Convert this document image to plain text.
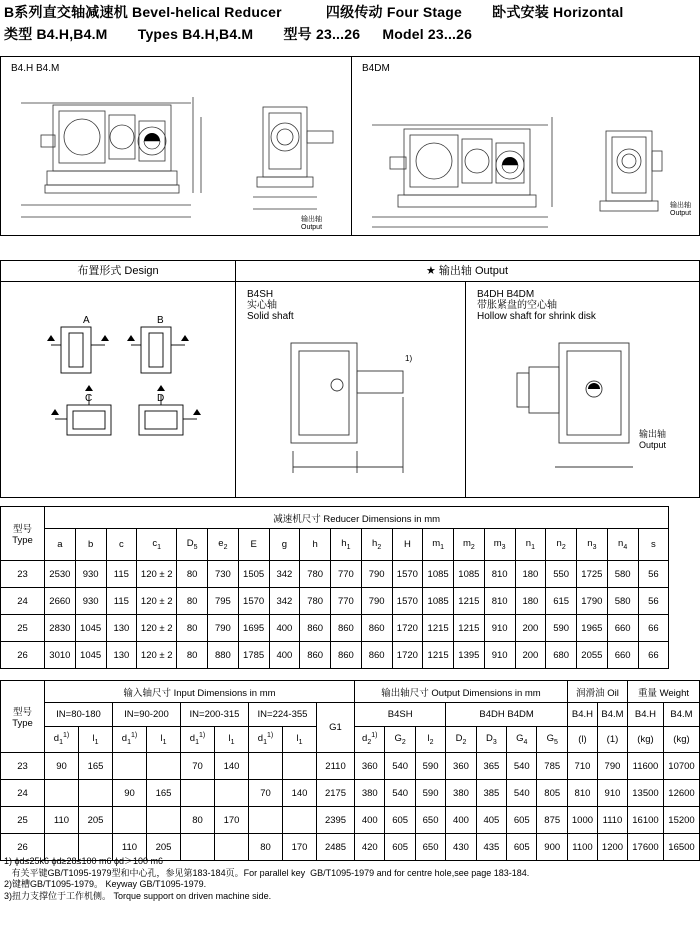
B系列直交轴减速机 Bevel-helical Reducer	四级传动 Four Stage 卧式安装 Horizontal
类型 B4.H,B4.M Types B4.H,B4.M 型号 23...26 Model 23...26
B4.H B4.M
输出轴
Output
B4DM
输出轴
Output
布置形式 Design	★ 输出轴 Output
A	B
C	D
B4SH
实心轴
Solid shaft
1)
B4DH B4DM
带胀紧盘的空心轴
Hollow shaft for shrink disk
输出轴
Output
型号
Type	减速机尺寸 Reducer Dimensions in mm																			
	a	b	c	$c_1$	$D_5$	$e_2$	E	g	h	$h_1$	$h_2$	H	$m_1$	$m_2$	$m_3$	$n_1$	$n_2$	$n_3$	$n_4$	s
23	2530	930	115	120 ± 2	80	730	1505	342	780	770	790	1570	1085	1085	810	180	550	1725	580	56
24	2660	930	115	120 ± 2	80	795	1570	342	780	770	790	1570	1085	1215	810	180	615	1790	580	56
25	2830	1045	130	120 ± 2	80	790	1695	400	860	860	860	1720	1215	1215	910	200	590	1965	660	66
26	3010	1045	130	120 ± 2	80	880	1785	400	860	860	860	1720	1215	1395	910	200	680	2055	660	66
型号
Type	输入轴尺寸 Input Dimensions in mm									输出轴尺寸 Output Dimensions in mm							润滑油 Oil		重量 Weight	
	IN=80-180		IN=90-200		IN=200-315		IN=224-355		G1	B4SH			B4DH B4DM				B4.H	B4.M	B4.H	B4.M
	$d_1^{1)}$	$l_1$	$d_1^{1)}$	$l_1$	$d_1^{1)}$	$l_1$	$d_1^{1)}$	$l_1$		$d_2^{1)}$	$G_2$	$l_2$	$D_2$	$D_3$	$G_4$	$G_5$	(l)	(1)	(kg)	(kg)
23	90	165			70	140			2110	360	540	590	360	365	540	785	710	790	11600	10700
24			90	165			70	140	2175	380	540	590	380	385	540	805	810	910	13500	12600
25	110	205			80	170			2395	400	605	650	400	405	605	875	1000	1110	16100	15200
26			110	205			80	170	2485	420	605	650	430	435	605	900	1100	1200	17600	16500
1) ϕd≤25k6 ϕd≥28≤100 m6 ϕd＞100 m6
有关平键GB/T1095-1979型和中心孔，参见第183-184页。For parallel key  GB/T1095-1979 and for centre hole,see page 183-184.
2)键槽GB/T1095-1979。 Keyway GB/T1095-1979.
3)扭力支撑位于工作机侧。 Torque support on driven machine side.
